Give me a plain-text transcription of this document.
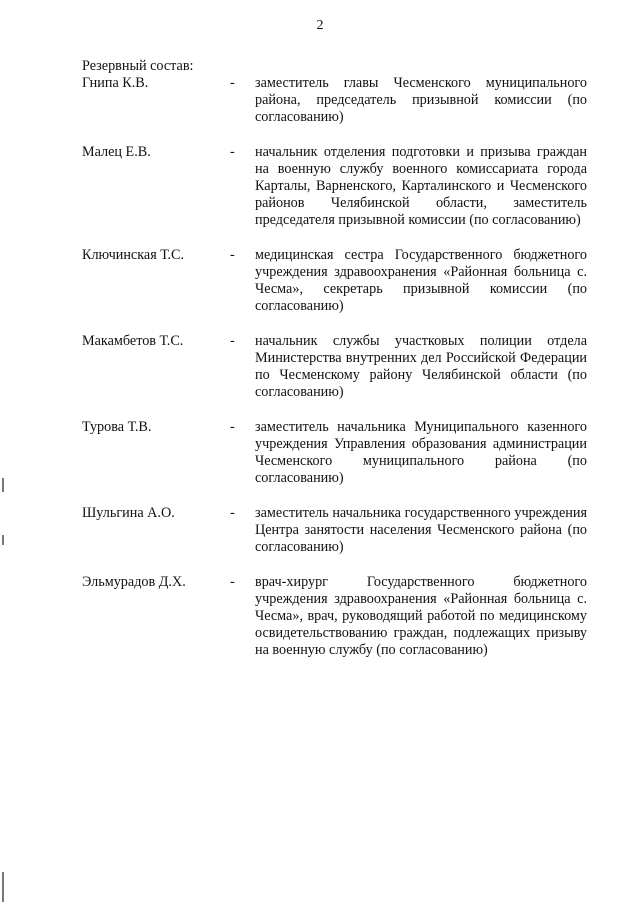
2
Резервный состав:
Гнипа К.В.	- заместитель главы Чесменского муниципального района, председатель призывной комиссии (по согласованию)
Малец Е.В.	- начальник отделения подготовки и призыва граждан на военную службу военного комиссариата города Карталы, Варненского, Карталинского и Чесменского районов Челябинской области, заместитель председателя призывной комиссии (по согласованию)
Ключинская Т.С.	- медицинская сестра Государственного бюджетного учреждения здравоохранения «Районная больница с. Чесма», секретарь призывной комиссии (по согласованию)
Макамбетов Т.С.	- начальник службы участковых полиции отдела Министерства внутренних дел Российской Федерации по Чесменскому району Челябинской области (по согласованию)
Турова Т.В.	- заместитель начальника Муниципального казенного учреждения Управления образования администрации Чесменского муниципального района (по согласованию)
Шульгина А.О.	- заместитель начальника государственного учреждения Центра занятости населения Чесменского района (по согласованию)
Эльмурадов Д.Х.	- врач-хирург Государственного бюджетного учреждения здравоохранения «Районная больница с. Чесма», врач, руководящий работой по медицинскому освидетельствованию граждан, подлежащих призыву на военную службу (по согласованию)
